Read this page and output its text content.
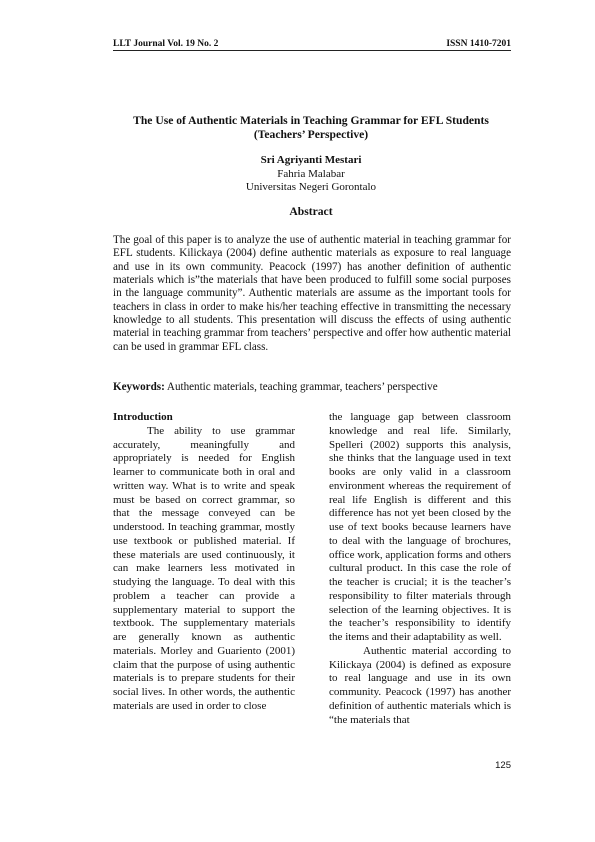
LLT Journal Vol. 19 No. 2	ISSN 1410-7201
The Use of Authentic Materials in Teaching Grammar for EFL Students
(Teachers’ Perspective)
Sri Agriyanti Mestari
Fahria Malabar
Universitas Negeri Gorontalo
Abstract

The goal of this paper is to analyze the use of authentic material in teaching grammar for EFL students. Kilickaya (2004) define authentic materials as exposure to real language and use in its own community. Peacock (1997) has another definition of authentic materials which is”the materials that have been produced to fulfill some social purposes in the language community”. Authentic materials are assume as the important tools for teachers in class in order to make his/her teaching effective in transmitting the necessary knowledge to all students. This presentation will discuss the effects of using authentic material in teaching grammar from teachers’ perspective and offer how authentic material can be used in grammar EFL class.

Keywords: Authentic materials, teaching grammar, teachers’ perspective
Introduction

The ability to use grammar accurately, meaningfully and appropriately is needed for English learner to communicate both in oral and written way. What is to write and speak must be based on correct grammar, so that the message conveyed can be understood. In teaching grammar, mostly use textbook or published material. If these materials are used continuously, it can make learners less motivated in studying the language. To deal with this problem a teacher can provide a supplementary material to support the textbook. The supplementary materials are generally known as authentic materials. Morley and Guariento (2001) claim that the purpose of using authentic materials is to prepare students for their social lives. In other words, the authentic materials are used in order to close

the language gap between classroom knowledge and real life. Similarly, Spelleri (2002) supports this analysis, she thinks that the language used in text books are only valid in a classroom environment whereas the requirement of real life English is different and this difference has not yet been closed by the use of text books because learners have to deal with the language of brochures, office work, application forms and others cultural product. In this case the role of the teacher is crucial; it is the teacher’s responsibility to filter materials through selection of the learning objectives. It is the teacher’s responsibility to identify the items and their adaptability as well.

Authentic material according to Kilickaya (2004) is defined as exposure to real language and use in its own community. Peacock (1997) has another definition of authentic materials which is “the materials that

125
